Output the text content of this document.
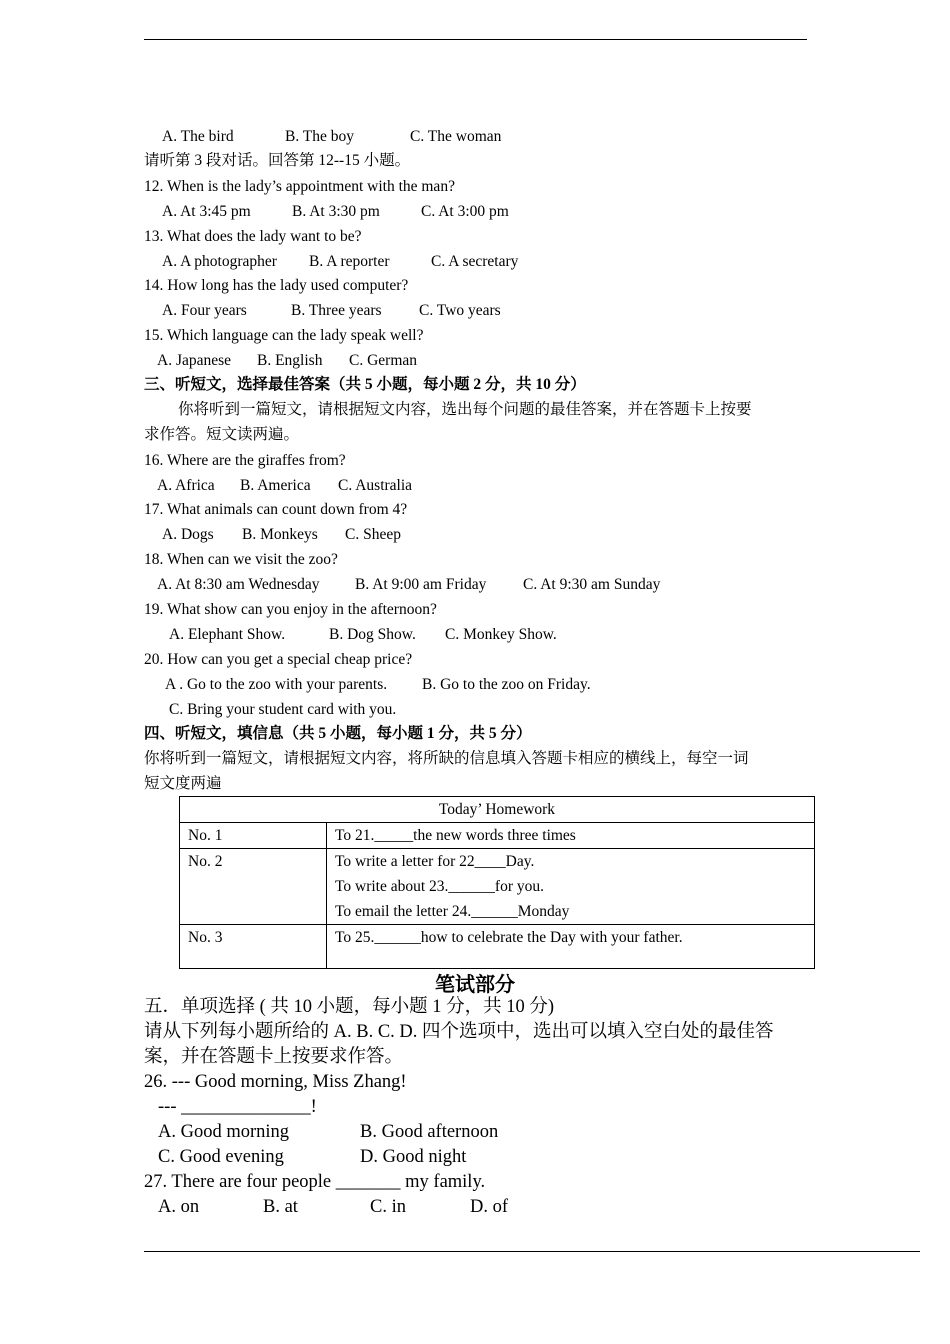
A. The bird	B. The boy	C. The woman
请听第 3 段对话。回答第 12--15 小题。
12. When is the lady’s appointment with the man?
A. At 3:45 pm	B. At 3:30 pm	C. At 3:00 pm
13. What does the lady want to be?
A. A photographer B. A reporter	C. A secretary
14. How long has the lady used computer?
A. Four years	B. Three years C. Two years
15. Which language can the lady speak well?
A. Japanese B. English C. German
三、听短文，选择最佳答案（共 5 小题，每小题 2 分，共 10 分）
你将听到一篇短文，请根据短文内容，选出每个问题的最佳答案，并在答题卡上按要
求作答。短文读两遍。
16. Where are the giraffes from?
A. Africa B. America C. Australia
17. What animals can count down from 4?
A. Dogs B. Monkeys C. Sheep
18. When can we visit the zoo?
A. At 8:30 am Wednesday B. At 9:00 am Friday C. At 9:30 am Sunday
19. What show can you enjoy in the afternoon?
A. Elephant Show.	B. Dog Show. C. Monkey Show.
20. How can you get a special cheap price?
A . Go to the zoo with your parents. B. Go to the zoo on Friday.
C. Bring your student card with you.
四、听短文，填信息（共 5 小题，每小题 1 分，共 5 分）
你将听到一篇短文，请根据短文内容，将所缺的信息填入答题卡相应的横线上，每空一词
短文度两遍
Today’ Homework	
No. 1	To 21._____the new words three times

No. 2	To write a letter for 22____Day.
To write about 23.______for you.
To email the letter 24.______Monday

No. 3	To 25.______how to celebrate the Day with your father.
笔试部分
五．单项选择 ( 共 10 小题，每小题 1 分，共 10 分)
请从下列每小题所给的 A. B. C. D. 四个选项中，选出可以填入空白处的最佳答
案，并在答题卡上按要求作答。
26. --- Good morning, Miss Zhang!
--- ______________!
A. Good morning	B. Good afternoon
C. Good evening	D. Good night
27. There are four people _______ my family.
A. on	B. at	C. in	D. of
